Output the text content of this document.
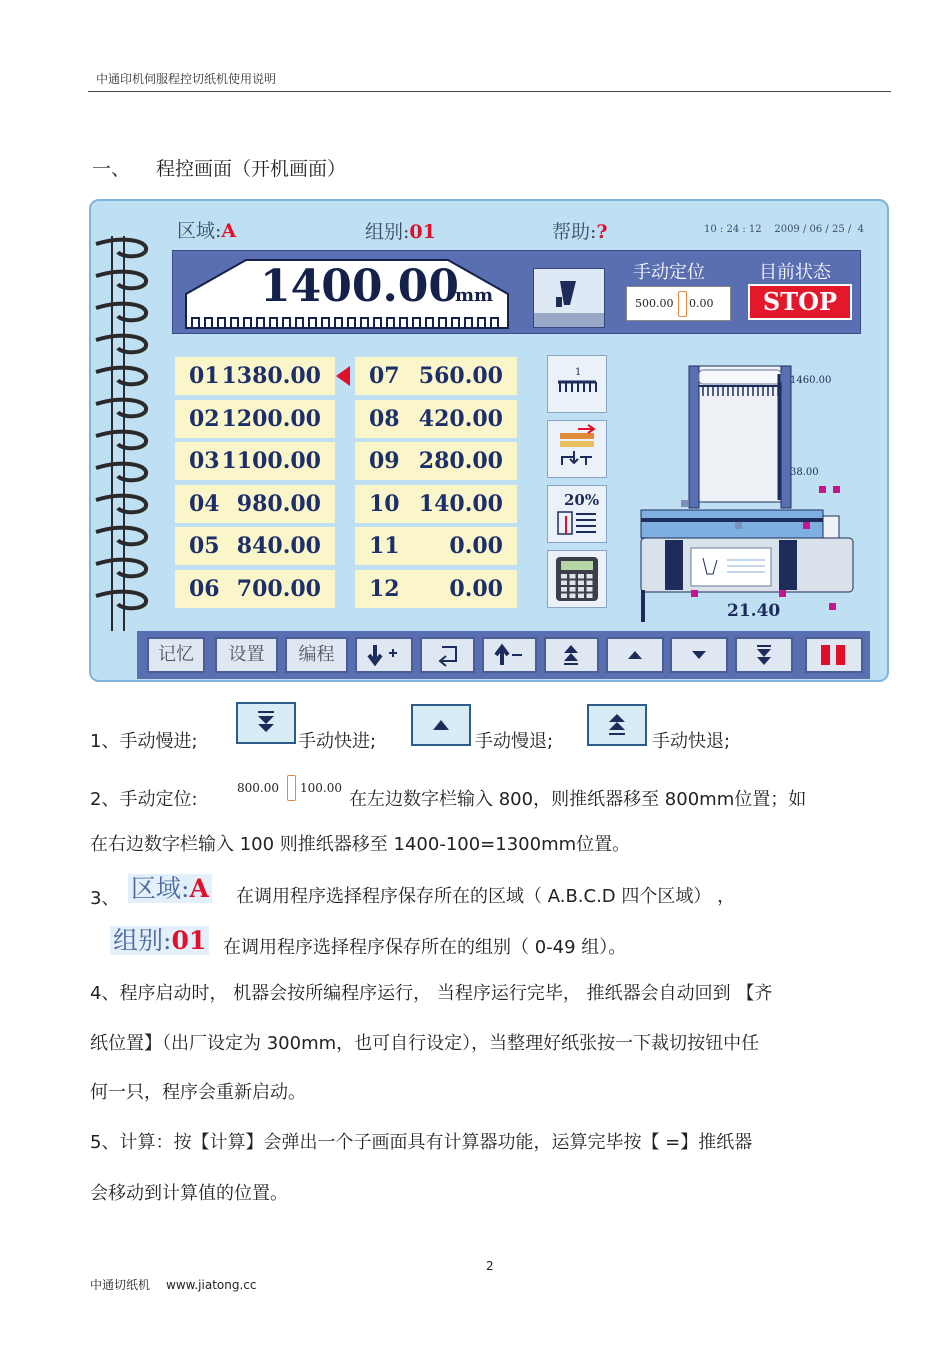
中通印机伺服程控切纸机使用说明
一、 程控画面（开机画面）
区域:A	组别:01	帮助:?	10 : 24 : 12    2009 / 06 / 25 /  4
1400.00
mm
手动定位	目前状态
500.00 0.00	STOP
01 1380.00
02 1200.00
03 1100.00
04 980.00
05 840.00
06 700.00
07 560.00
08 420.00
09 280.00
10 140.00
11 0.00
12 0.00
1
20%
1460.00
38.00
21.40
记忆	设置	编程
1、手动慢进;	手动快进;	手动慢退;	手动快退;
2、手动定位:
800.00 100.00
在左边数字栏输入 800，则推纸器移至 800mm位置；如
在右边数字栏输入 100 则推纸器移至 1400-100=1300mm位置。
3、 区域:A 在调用程序选择程序保存所在的区域（ A.B.C.D 四个区域） ，
组别:01 在调用程序选择程序保存所在的组别（ 0-49 组）。
4、程序启动时， 机器会按所编程序运行， 当程序运行完毕， 推纸器会自动回到 【齐
纸位置】（出厂设定为 300mm，也可自行设定），当整理好纸张按一下裁切按钮中任
何一只，程序会重新启动。
5、计算：按【计算】会弹出一个子画面具有计算器功能，运算完毕按【 =】推纸器
会移动到计算值的位置。
2
中通切纸机 www.jiatong.cc
